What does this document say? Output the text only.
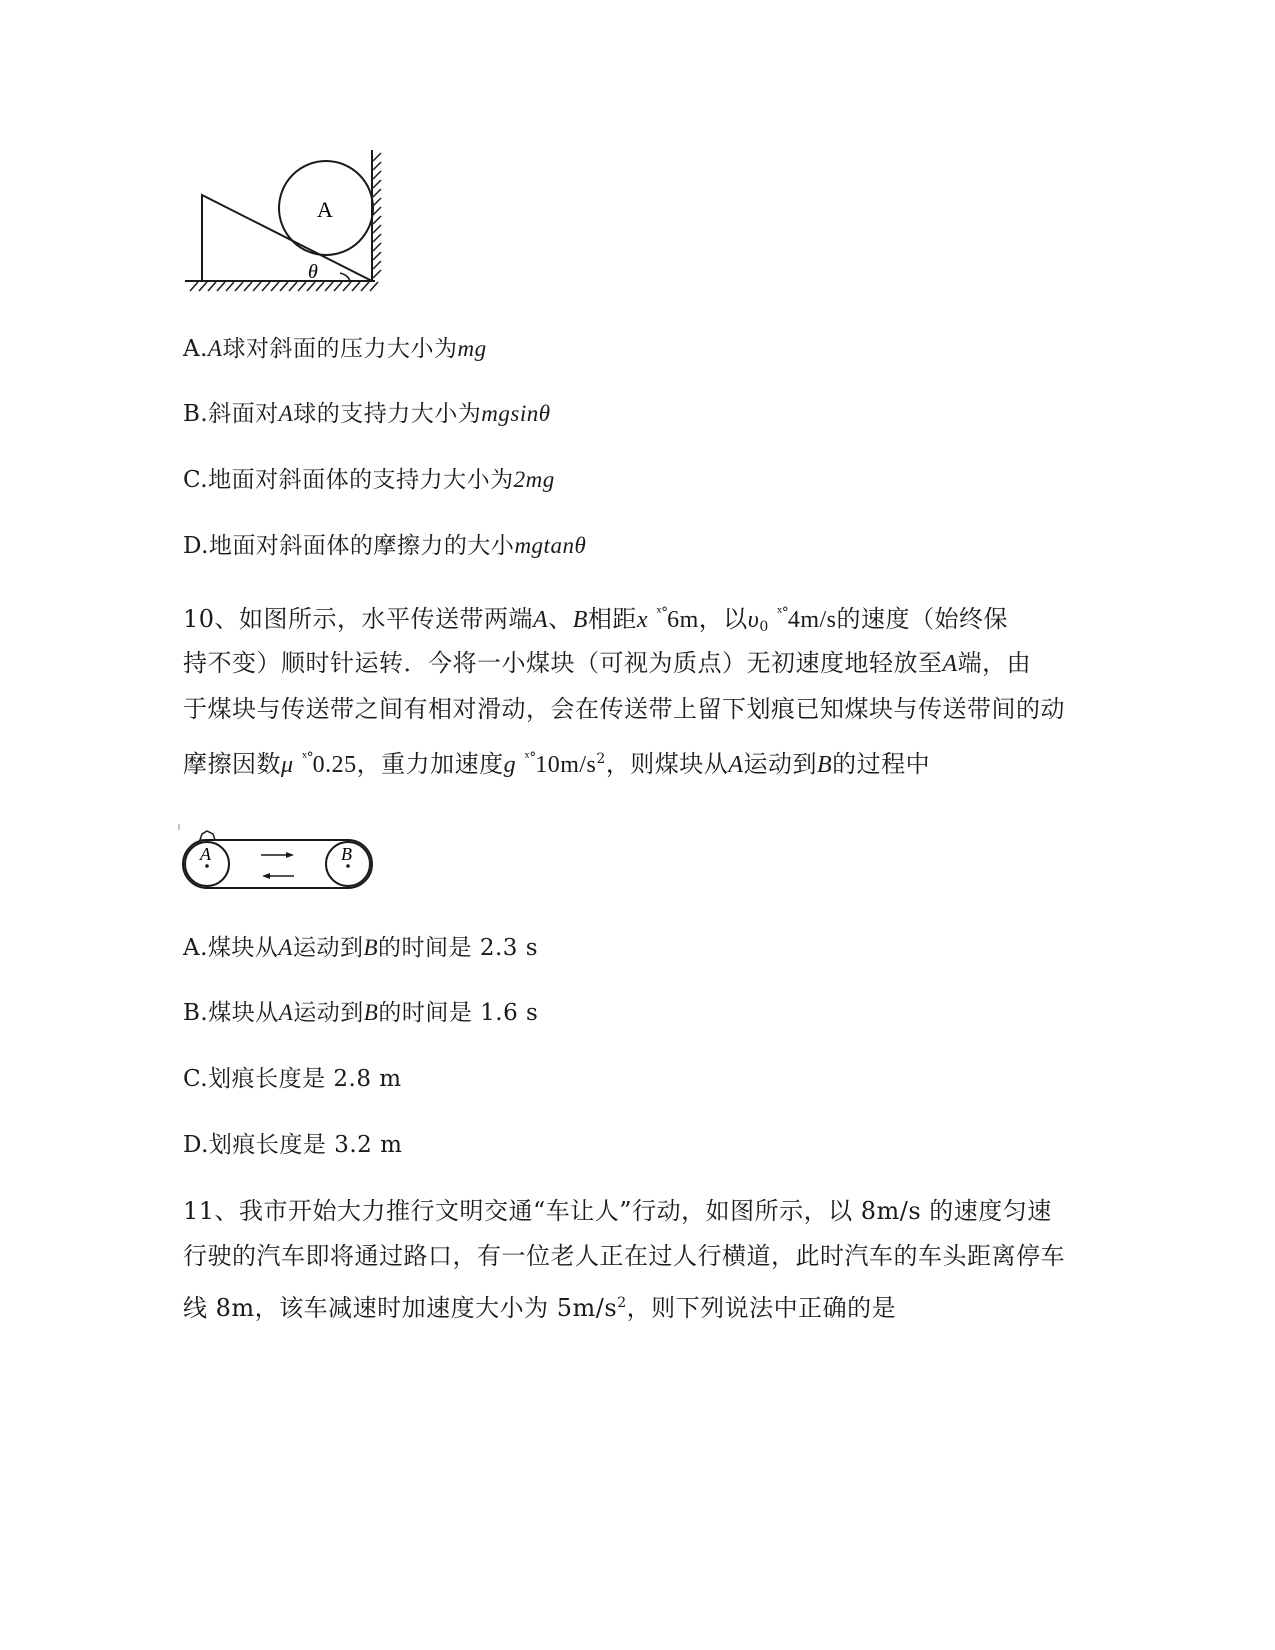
A
θ
A.A球对斜面的压力大小为mg
B.斜面对A球的支持力大小为mgsinθ
C.地面对斜面体的支持力大小为2mg
D.地面对斜面体的摩擦力的大小mgtanθ
10、如图所示，水平传送带两端A、B相距x $^{ˣ^\circ}$6m，以$\upsilon_0$ $^{ˣ^\circ}$4m/s的速度（始终保
持不变）顺时针运转．今将一小煤块（可视为质点）无初速度地轻放至A端，由
于煤块与传送带之间有相对滑动，会在传送带上留下划痕已知煤块与传送带间的动
摩擦因数μ $^{ˣ^\circ}$0.25，重力加速度g $^{ˣ^\circ}10m/s^2$，则煤块从A运动到B的过程中
A	B
A.煤块从A运动到B的时间是 2.3 s
B.煤块从A运动到B的时间是 1.6 s
C.划痕长度是 2.8 m
D.划痕长度是 3.2 m
11、我市开始大力推行文明交通“车让人”行动，如图所示，以 8m/s 的速度匀速
行驶的汽车即将通过路口，有一位老人正在过人行横道，此时汽车的车头距离停车
线 8m，该车减速时加速度大小为 $5m/s^2$，则下列说法中正确的是
